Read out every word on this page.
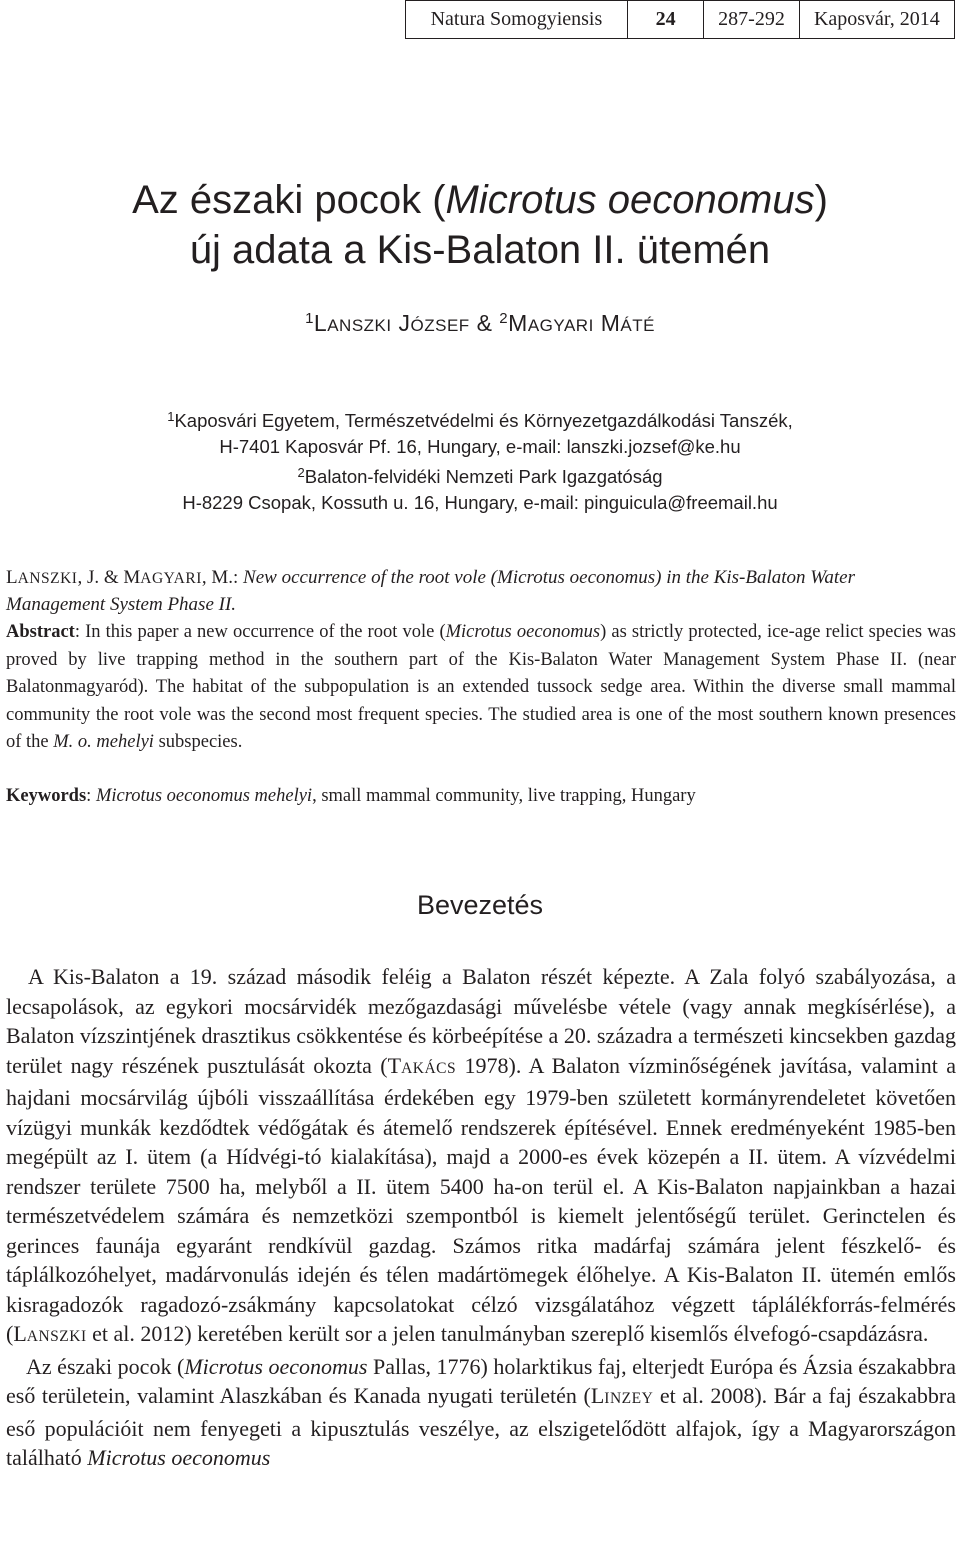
Natura Somogyiensis	24	287-292	Kaposvár, 2014
Az északi pocok (Microtus oeconomus)
új adata a Kis-Balaton II. ütemén
$^1$LANSZKI JÓZSEF & $^2$MAGYARI MÁTÉ
$^1$Kaposvári Egyetem, Természetvédelmi és Környezetgazdálkodási Tanszék,
H-7401 Kaposvár Pf. 16, Hungary, e-mail: lanszki.jozsef@ke.hu
$^2$Balaton-felvidéki Nemzeti Park Igazgatóság
H-8229 Csopak, Kossuth u. 16, Hungary, e-mail: pinguicula@freemail.hu
LANSZKI, J. & MAGYARI, M.: New occurrence of the root vole (Microtus oeconomus) in the Kis-Balaton Water Management System Phase II.
Abstract: In this paper a new occurrence of the root vole (Microtus oeconomus) as strictly protected, ice-age relict species was proved by live trapping method in the southern part of the Kis-Balaton Water Management System Phase II. (near Balatonmagyaród). The habitat of the subpopulation is an extended tussock sedge area. Within the diverse small mammal community the root vole was the second most frequent species. The studied area is one of the most southern known presences of the M. o. mehelyi subspecies.
Keywords: Microtus oeconomus mehelyi, small mammal community, live trapping, Hungary
Bevezetés

A Kis-Balaton a 19. század második feléig a Balaton részét képezte. A Zala folyó szabályozása, a lecsapolások, az egykori mocsárvidék mezőgazdasági művelésbe vétele (vagy annak megkísérlése), a Balaton vízszintjének drasztikus csökkentése és körbeépítése a 20. századra a természeti kincsekben gazdag terület nagy részének pusztulását okozta (TAKÁCS 1978). A Balaton vízminőségének javítása, valamint a hajdani mocsárvilág újbóli visszaállítása érdekében egy 1979-ben született kormányrendeletet követően vízügyi munkák kezdődtek védőgátak és átemelő rendszerek építésével. Ennek eredményeként 1985-ben megépült az I. ütem (a Hídvégi-tó kialakítása), majd a 2000-es évek közepén a II. ütem. A vízvédelmi rendszer területe 7500 ha, melyből a II. ütem 5400 ha-on terül el. A Kis-Balaton napjainkban a hazai természetvédelem számára és nemzetközi szempontból is kiemelt jelentőségű terület. Gerinctelen és gerinces faunája egyaránt rendkívül gazdag. Számos ritka madárfaj számára jelent fészkelő- és táplálkozóhelyet, madárvonulás idején és télen madártömegek élőhelye. A Kis-Balaton II. ütemén emlős kisragadozók ragadozó-zsákmány kapcsolatokat célzó vizsgálatához végzett táplálékforrás-felmérés (LANSZKI et al. 2012) keretében került sor a jelen tanulmányban szereplő kisemlős élvefogó-csapdázásra.

Az északi pocok (Microtus oeconomus Pallas, 1776) holarktikus faj, elterjedt Európa és Ázsia északabbra eső területein, valamint Alaszkában és Kanada nyugati területén (LINZEY et al. 2008). Bár a faj északabbra eső populációit nem fenyegeti a kipusztulás veszélye, az elszigetelődött alfajok, így a Magyarországon található Microtus oeconomus
